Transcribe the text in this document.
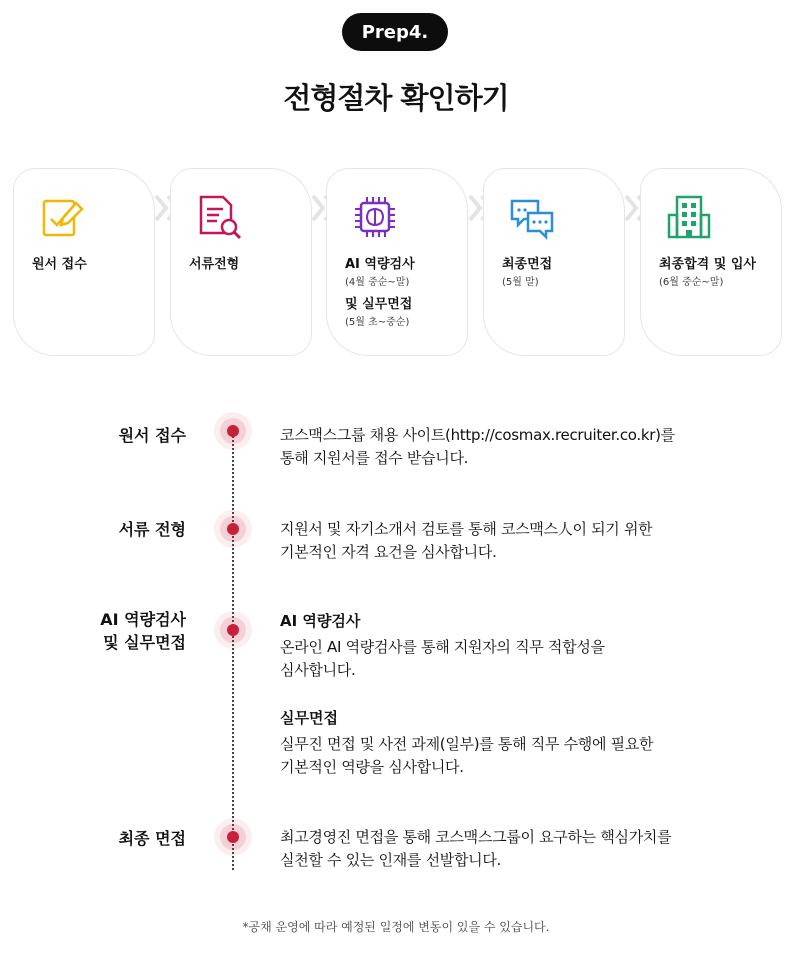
Prep4.
전형절차 확인하기
원서 접수	서류전형	AI 역량검사
(4월 중순~말)
및 실무면접
(5월 초~중순)
최종면접
(5월 말)
최종합격 및 입사
(6월 중순~말)
원서 접수	코스맥스그룹 채용 사이트(http://cosmax.recruiter.co.kr)를
통해 지원서를 접수 받습니다.
서류 전형	지원서 및 자기소개서 검토를 통해 코스맥스人이 되기 위한
기본적인 자격 요건을 심사합니다.
AI 역량검사
및 실무면접
AI 역량검사
온라인 AI 역량검사를 통해 지원자의 직무 적합성을
심사합니다.
실무면접
실무진 면접 및 사전 과제(일부)를 통해 직무 수행에 필요한
기본적인 역량을 심사합니다.
최종 면접	최고경영진 면접을 통해 코스맥스그룹이 요구하는 핵심가치를
실천할 수 있는 인재를 선발합니다.
*공채 운영에 따라 예정된 일정에 변동이 있을 수 있습니다.
